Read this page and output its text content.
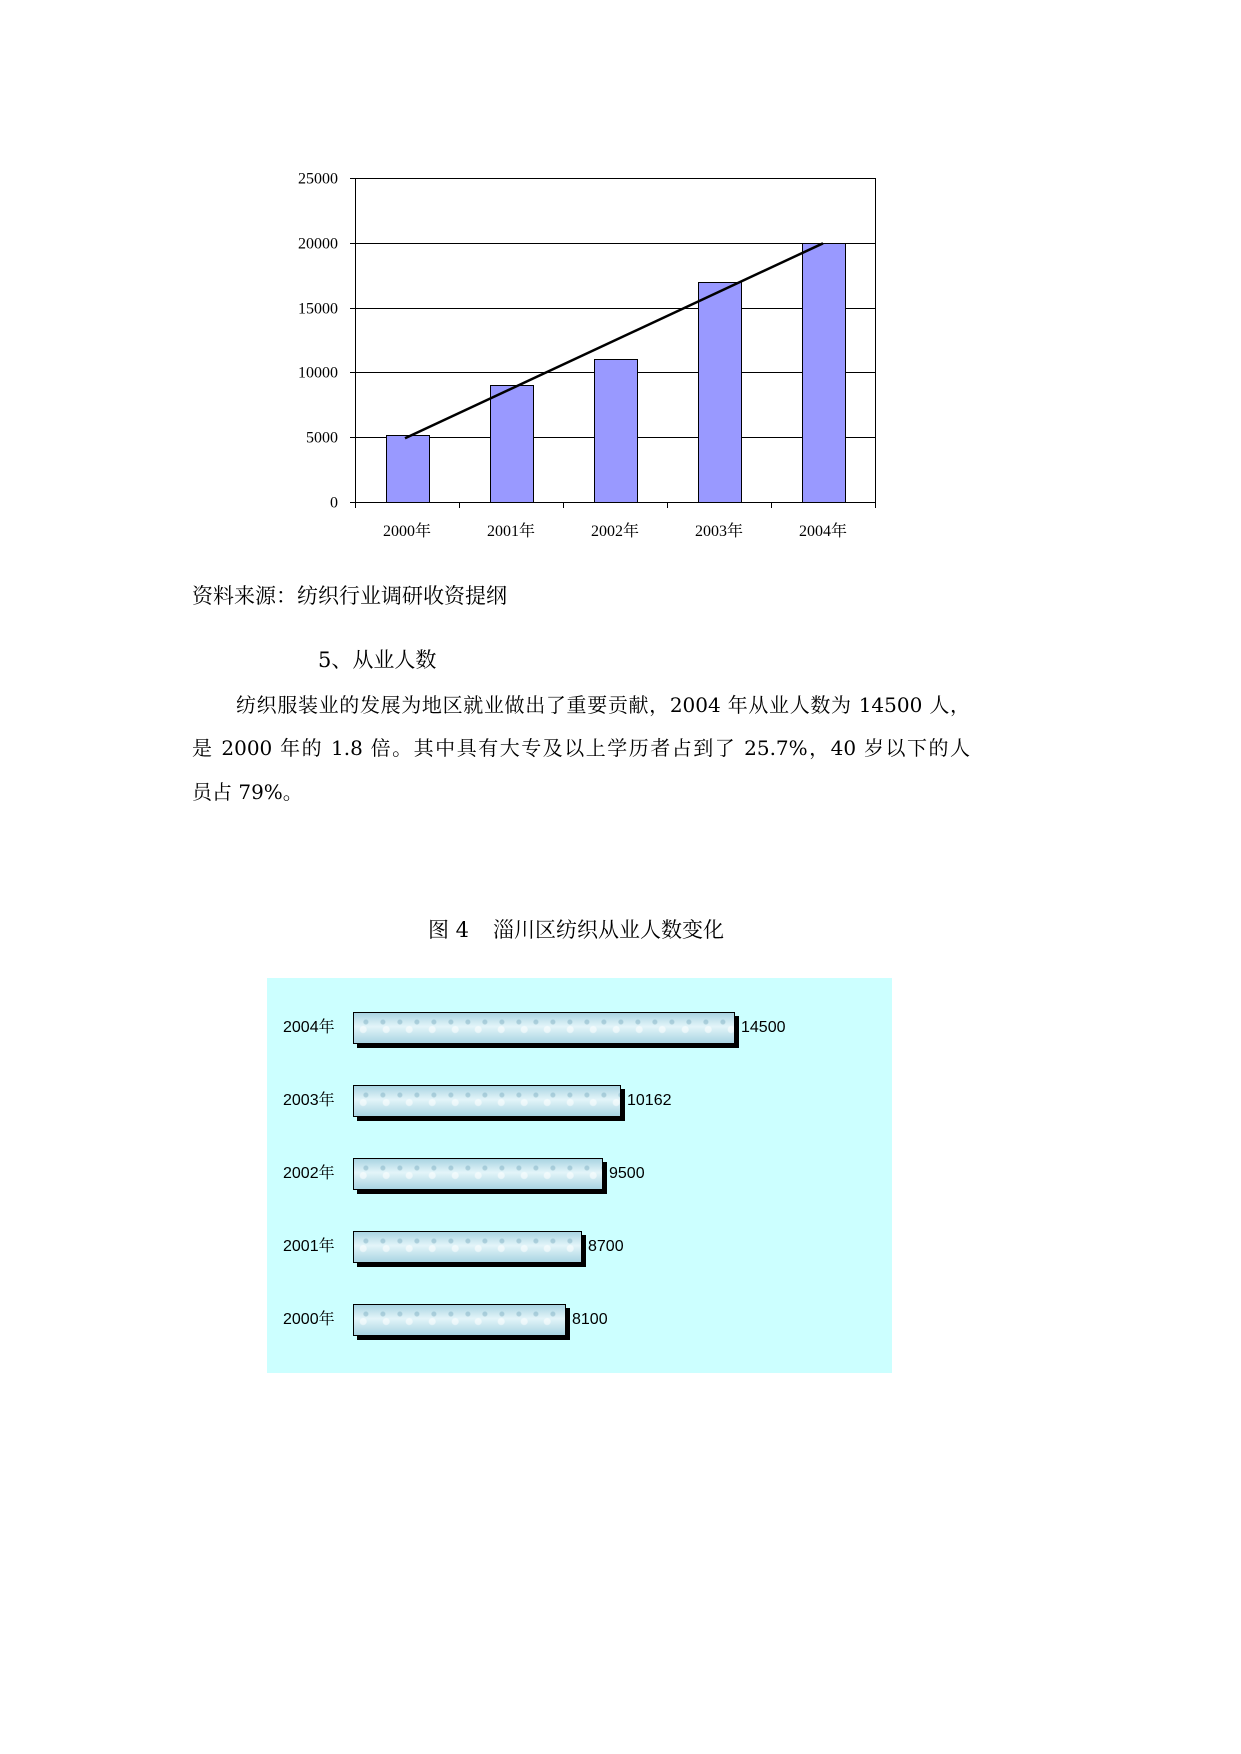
0
5000
10000
15000
20000
25000
2000年	2001年	2002年	2003年	2004年
资料来源：纺织行业调研收资提纲
5、从业人数
纺织服装业的发展为地区就业做出了重要贡献，2004 年从业人数为 14500 人，
是 2000 年的 1.8 倍。其中具有大专及以上学历者占到了 25.7%，40 岁以下的人
员占 79%。
图 4 淄川区纺织从业人数变化
2004年	14500
2003年	10162
2002年	9500
2001年	8700
2000年	8100
